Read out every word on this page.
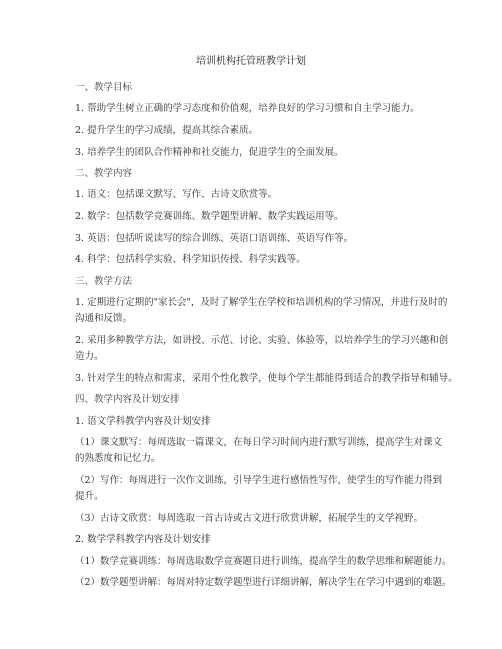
培训机构托管班教学计划
一、教学目标
1. 帮助学生树立正确的学习态度和价值观，培养良好的学习习惯和自主学习能力。
2. 提升学生的学习成绩，提高其综合素质。
3. 培养学生的团队合作精神和社交能力，促进学生的全面发展。
二、教学内容
1. 语文：包括课文默写、写作、古诗文欣赏等。
2. 数学：包括数学竞赛训练、数学题型讲解、数学实践运用等。
3. 英语：包括听说读写的综合训练、英语口语训练、英语写作等。
4. 科学：包括科学实验、科学知识传授、科学实践等。
三、教学方法
1. 定期进行定期的"家长会"，及时了解学生在学校和培训机构的学习情况，并进行及时的
沟通和反馈。
2. 采用多种教学方法，如讲授、示范、讨论、实验、体验等，以培养学生的学习兴趣和创
造力。
3. 针对学生的特点和需求，采用个性化教学，使每个学生都能得到适合的教学指导和辅导。
四、教学内容及计划安排
1. 语文学科教学内容及计划安排
（1）课文默写：每周选取一篇课文，在每日学习时间内进行默写训练，提高学生对课文
的熟悉度和记忆力。
（2）写作：每周进行一次作文训练，引导学生进行感悟性写作，使学生的写作能力得到
提升。
（3）古诗文欣赏：每周选取一首古诗或古文进行欣赏讲解，拓展学生的文学视野。
2. 数学学科教学内容及计划安排
（1）数学竞赛训练：每周选取数学竞赛题目进行训练，提高学生的数学思维和解题能力。
（2）数学题型讲解：每周对特定数学题型进行详细讲解，解决学生在学习中遇到的难题。
